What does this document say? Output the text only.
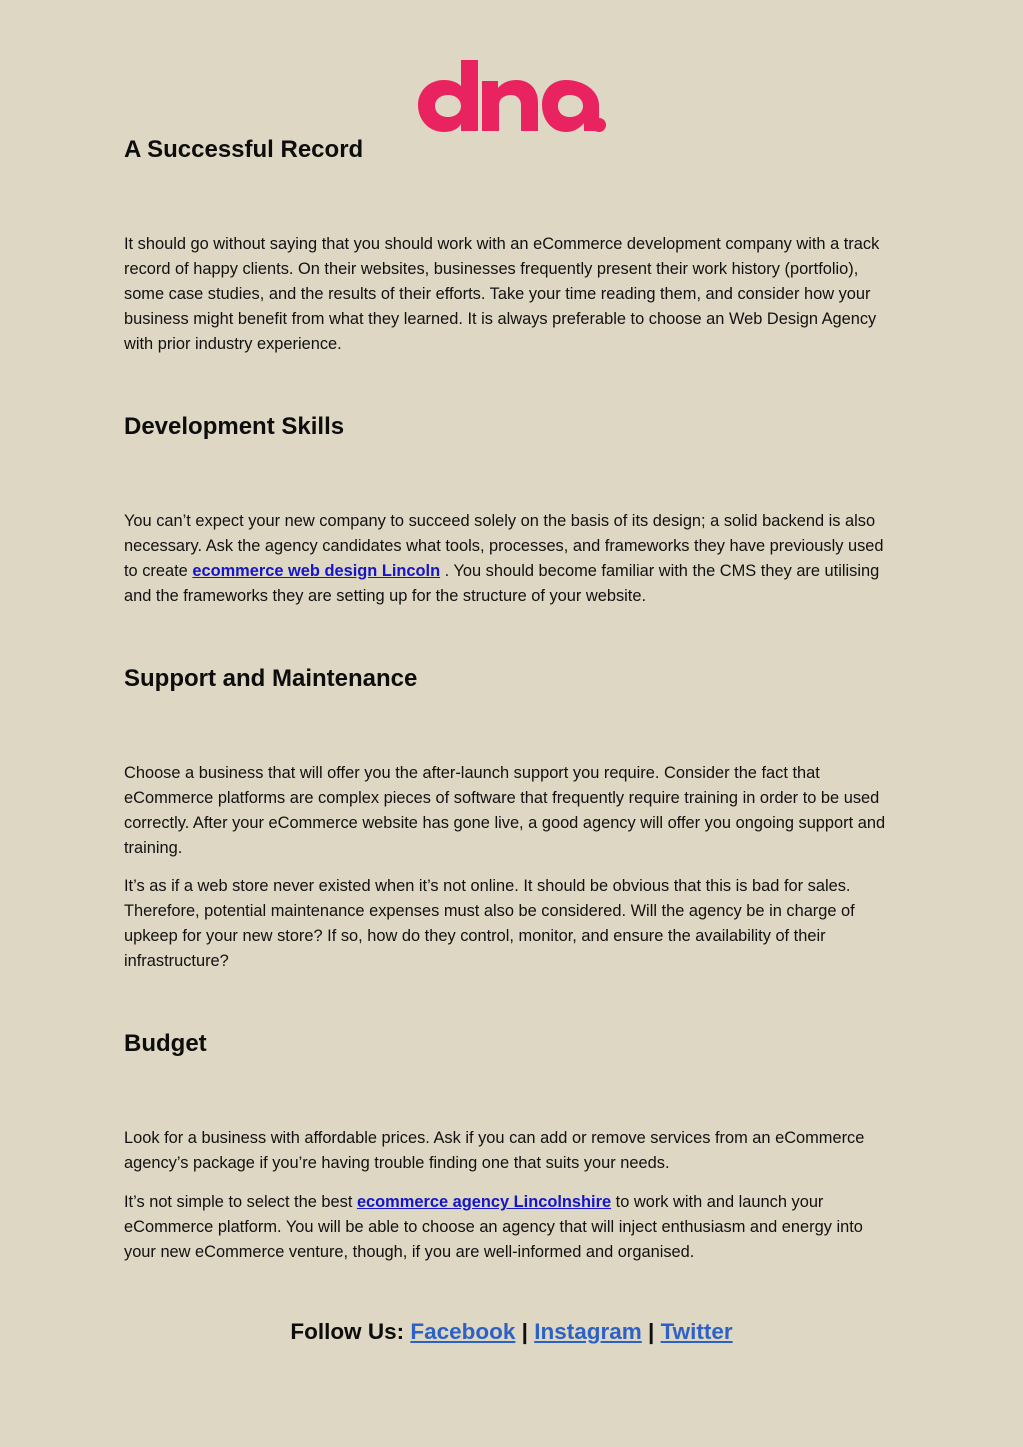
A Successful Record

It should go without saying that you should work with an eCommerce development company with a track record of happy clients. On their websites, businesses frequently present their work history (portfolio), some case studies, and the results of their efforts. Take your time reading them, and consider how your business might benefit from what they learned. It is always preferable to choose an Web Design Agency with prior industry experience.

Development Skills

You can’t expect your new company to succeed solely on the basis of its design; a solid backend is also necessary. Ask the agency candidates what tools, processes, and frameworks they have previously used to create ecommerce web design Lincoln . You should become familiar with the CMS they are utilising and the frameworks they are setting up for the structure of your website.

Support and Maintenance

Choose a business that will offer you the after-launch support you require. Consider the fact that eCommerce platforms are complex pieces of software that frequently require training in order to be used correctly. After your eCommerce website has gone live, a good agency will offer you ongoing support and training.

It’s as if a web store never existed when it’s not online. It should be obvious that this is bad for sales. Therefore, potential maintenance expenses must also be considered. Will the agency be in charge of upkeep for your new store? If so, how do they control, monitor, and ensure the availability of their infrastructure?

Budget

Look for a business with affordable prices. Ask if you can add or remove services from an eCommerce agency’s package if you’re having trouble finding one that suits your needs.

It’s not simple to select the best ecommerce agency Lincolnshire to work with and launch your eCommerce platform. You will be able to choose an agency that will inject enthusiasm and energy into your new eCommerce venture, though, if you are well-informed and organised.

Follow Us: Facebook | Instagram | Twitter
